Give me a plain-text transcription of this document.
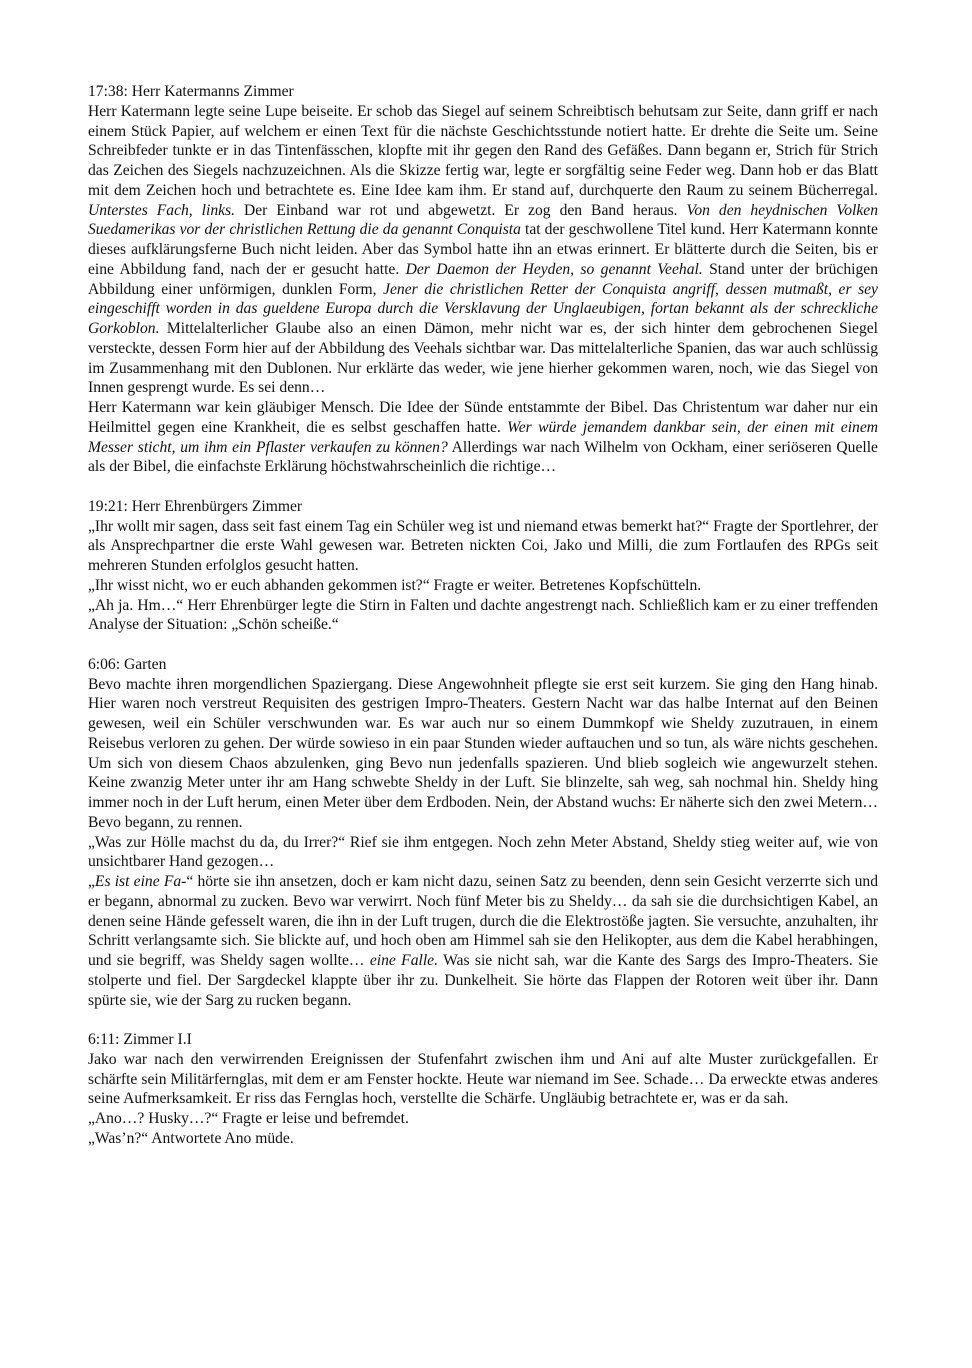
17:38: Herr Katermanns Zimmer

Herr Katermann legte seine Lupe beiseite. Er schob das Siegel auf seinem Schreibtisch behutsam zur Seite, dann griff er nach einem Stück Papier, auf welchem er einen Text für die nächste Geschichtsstunde notiert hatte. Er drehte die Seite um. Seine Schreibfeder tunkte er in das Tintenfässchen, klopfte mit ihr gegen den Rand des Gefäßes. Dann begann er, Strich für Strich das Zeichen des Siegels nachzuzeichnen. Als die Skizze fertig war, legte er sorgfältig seine Feder weg. Dann hob er das Blatt mit dem Zeichen hoch und betrachtete es. Eine Idee kam ihm. Er stand auf, durchquerte den Raum zu seinem Bücherregal. Unterstes Fach, links. Der Einband war rot und abgewetzt. Er zog den Band heraus. Von den heydnischen Volken Suedamerikas vor der christlichen Rettung die da genannt Conquista tat der geschwollene Titel kund. Herr Katermann konnte dieses aufklärungsferne Buch nicht leiden. Aber das Symbol hatte ihn an etwas erinnert. Er blätterte durch die Seiten, bis er eine Abbildung fand, nach der er gesucht hatte. Der Daemon der Heyden, so genannt Veehal. Stand unter der brüchigen Abbildung einer unförmigen, dunklen Form, Jener die christlichen Retter der Conquista angriff, dessen mutmaßt, er sey eingeschifft worden in das gueldene Europa durch die Versklavung der Unglaeubigen, fortan bekannt als der schreckliche Gorkoblon. Mittelalterlicher Glaube also an einen Dämon, mehr nicht war es, der sich hinter dem gebrochenen Siegel versteckte, dessen Form hier auf der Abbildung des Veehals sichtbar war. Das mittelalterliche Spanien, das war auch schlüssig im Zusammenhang mit den Dublonen. Nur erklärte das weder, wie jene hierher gekommen waren, noch, wie das Siegel von Innen gesprengt wurde. Es sei denn…

Herr Katermann war kein gläubiger Mensch. Die Idee der Sünde entstammte der Bibel. Das Christentum war daher nur ein Heilmittel gegen eine Krankheit, die es selbst geschaffen hatte. Wer würde jemandem dankbar sein, der einen mit einem Messer sticht, um ihm ein Pflaster verkaufen zu können? Allerdings war nach Wilhelm von Ockham, einer seriöseren Quelle als der Bibel, die einfachste Erklärung höchstwahrscheinlich die richtige…

19:21: Herr Ehrenbürgers Zimmer

„Ihr wollt mir sagen, dass seit fast einem Tag ein Schüler weg ist und niemand etwas bemerkt hat?“ Fragte der Sportlehrer, der als Ansprechpartner die erste Wahl gewesen war. Betreten nickten Coi, Jako und Milli, die zum Fortlaufen des RPGs seit mehreren Stunden erfolglos gesucht hatten.

„Ihr wisst nicht, wo er euch abhanden gekommen ist?“ Fragte er weiter. Betretenes Kopfschütteln.

„Ah ja. Hm…“ Herr Ehrenbürger legte die Stirn in Falten und dachte angestrengt nach. Schließlich kam er zu einer treffenden Analyse der Situation: „Schön scheiße.“

6:06: Garten

Bevo machte ihren morgendlichen Spaziergang. Diese Angewohnheit pflegte sie erst seit kurzem. Sie ging den Hang hinab. Hier waren noch verstreut Requisiten des gestrigen Impro-Theaters. Gestern Nacht war das halbe Internat auf den Beinen gewesen, weil ein Schüler verschwunden war. Es war auch nur so einem Dummkopf wie Sheldy zuzutrauen, in einem Reisebus verloren zu gehen. Der würde sowieso in ein paar Stunden wieder auftauchen und so tun, als wäre nichts geschehen. Um sich von diesem Chaos abzulenken, ging Bevo nun jedenfalls spazieren. Und blieb sogleich wie angewurzelt stehen. Keine zwanzig Meter unter ihr am Hang schwebte Sheldy in der Luft. Sie blinzelte, sah weg, sah nochmal hin. Sheldy hing immer noch in der Luft herum, einen Meter über dem Erdboden. Nein, der Abstand wuchs: Er näherte sich den zwei Metern… Bevo begann, zu rennen.

„Was zur Hölle machst du da, du Irrer?“ Rief sie ihm entgegen. Noch zehn Meter Abstand, Sheldy stieg weiter auf, wie von unsichtbarer Hand gezogen…

„Es ist eine Fa-“ hörte sie ihn ansetzen, doch er kam nicht dazu, seinen Satz zu beenden, denn sein Gesicht verzerrte sich und er begann, abnormal zu zucken. Bevo war verwirrt. Noch fünf Meter bis zu Sheldy… da sah sie die durchsichtigen Kabel, an denen seine Hände gefesselt waren, die ihn in der Luft trugen, durch die die Elektrostöße jagten. Sie versuchte, anzuhalten, ihr Schritt verlangsamte sich. Sie blickte auf, und hoch oben am Himmel sah sie den Helikopter, aus dem die Kabel herabhingen, und sie begriff, was Sheldy sagen wollte… eine Falle. Was sie nicht sah, war die Kante des Sargs des Impro-Theaters. Sie stolperte und fiel. Der Sargdeckel klappte über ihr zu. Dunkelheit. Sie hörte das Flappen der Rotoren weit über ihr. Dann spürte sie, wie der Sarg zu rucken begann.

6:11: Zimmer I.I

Jako war nach den verwirrenden Ereignissen der Stufenfahrt zwischen ihm und Ani auf alte Muster zurückgefallen. Er schärfte sein Militärfernglas, mit dem er am Fenster hockte. Heute war niemand im See. Schade… Da erweckte etwas anderes seine Aufmerksamkeit. Er riss das Fernglas hoch, verstellte die Schärfe. Ungläubig betrachtete er, was er da sah.

„Ano…? Husky…?“ Fragte er leise und befremdet.

„Was’n?“ Antwortete Ano müde.
